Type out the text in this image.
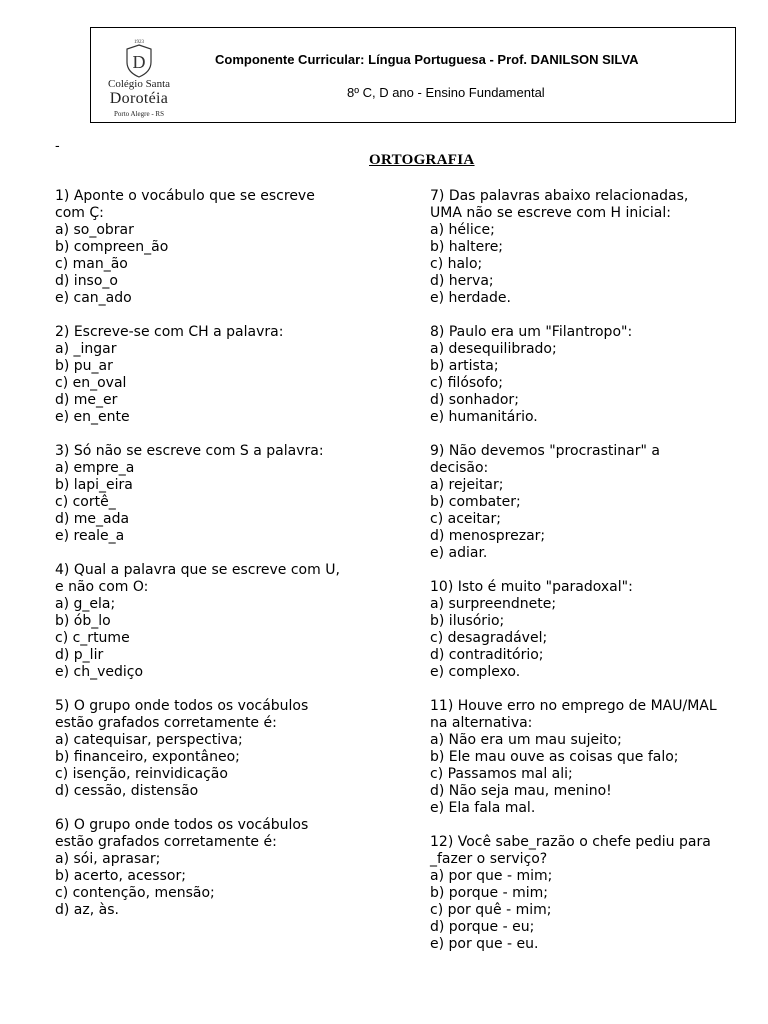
1923
D
Colégio Santa
Dorotéia
Porto Alegre - RS
Componente Curricular: Língua Portuguesa - Prof. DANILSON SILVA
8º C, D ano - Ensino Fundamental
-
ORTOGRAFIA
1) Aponte o vocábulo que se escreve
com Ç:
a) so_obrar
b) compreen_ão
c) man_ão
d) inso_o
e) can_ado
2) Escreve-se com CH a palavra:
a) _ingar
b) pu_ar
c) en_oval
d) me_er
e) en_ente
3) Só não se escreve com S a palavra:
a) empre_a
b) lapi_eira
c) cortê_
d) me_ada
e) reale_a
4) Qual a palavra que se escreve com U,
e não com O:
a) g_ela;
b) ób_lo
c) c_rtume
d) p_lir
e) ch_vediço
5) O grupo onde todos os vocábulos
estão grafados corretamente é:
a) catequisar, perspectiva;
b) financeiro, expontâneo;
c) isenção, reinvidicação
d) cessão, distensão
6) O grupo onde todos os vocábulos
estão grafados corretamente é:
a) sói, aprasar;
b) acerto, acessor;
c) contenção, mensão;
d) az, às.
7) Das palavras abaixo relacionadas,
UMA não se escreve com H inicial:
a) hélice;
b) haltere;
c) halo;
d) herva;
e) herdade.
8) Paulo era um "Filantropo":
a) desequilibrado;
b) artista;
c) filósofo;
d) sonhador;
e) humanitário.
9) Não devemos "procrastinar" a
decisão:
a) rejeitar;
b) combater;
c) aceitar;
d) menosprezar;
e) adiar.
10) Isto é muito "paradoxal":
a) surpreendnete;
b) ilusório;
c) desagradável;
d) contraditório;
e) complexo.
11) Houve erro no emprego de MAU/MAL
na alternativa:
a) Não era um mau sujeito;
b) Ele mau ouve as coisas que falo;
c) Passamos mal ali;
d) Não seja mau, menino!
e) Ela fala mal.
12) Você sabe_razão o chefe pediu para
_fazer o serviço?
a) por que - mim;
b) porque - mim;
c) por quê - mim;
d) porque - eu;
e) por que - eu.
